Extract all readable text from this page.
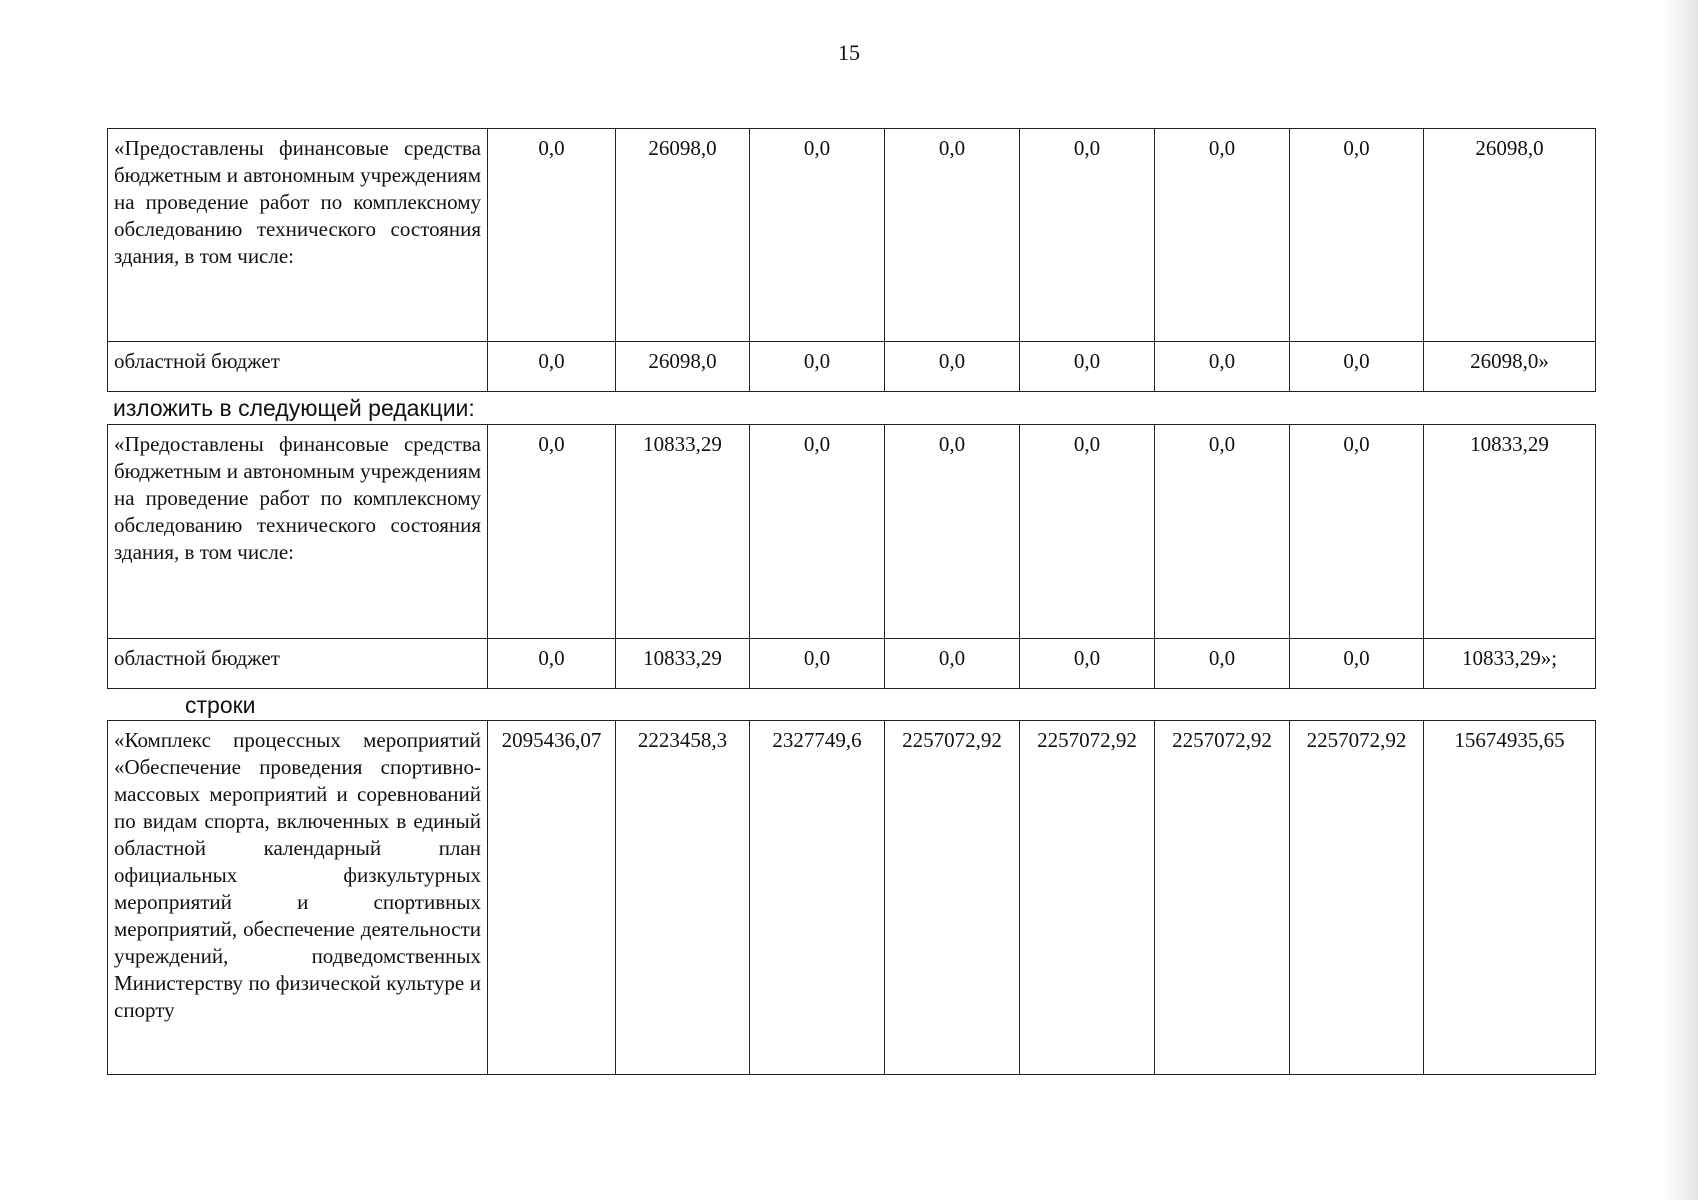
15
«Предоставлены финансовые средства бюджетным и автономным учреждениям на проведение работ по комплексному обследованию технического состояния здания, в том числе:	0,0	26098,0	0,0	0,0	0,0	0,0	0,0	26098,0
областной бюджет	0,0	26098,0	0,0	0,0	0,0	0,0	0,0	26098,0»
изложить в следующей редакции:
«Предоставлены финансовые средства бюджетным и автономным учреждениям на проведение работ по комплексному обследованию технического состояния здания, в том числе:	0,0	10833,29	0,0	0,0	0,0	0,0	0,0	10833,29
областной бюджет	0,0	10833,29	0,0	0,0	0,0	0,0	0,0	10833,29»;
строки
«Комплекс процессных мероприятий «Обеспечение проведения спортивно-массовых мероприятий и соревнований по видам спорта, включенных в единый областной календарный план официальных физкультурных мероприятий и спортивных мероприятий, обеспечение деятельности учреждений, подведомственных Министерству по физической культуре и спорту	2095436,07	2223458,3	2327749,6	2257072,92	2257072,92	2257072,92	2257072,92	15674935,65
